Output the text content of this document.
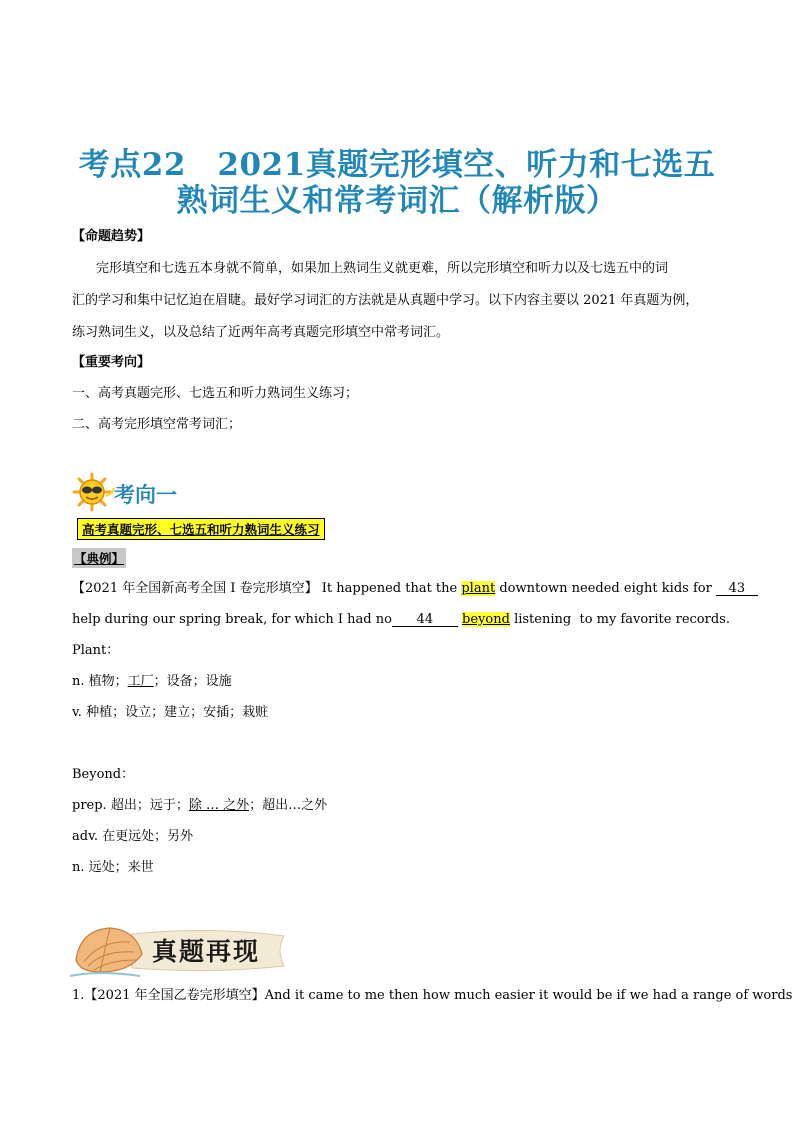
考点22　2021真题完形填空、听力和七选五
熟词生义和常考词汇（解析版）
【命题趋势】
完形填空和七选五本身就不简单，如果加上熟词生义就更难，所以完形填空和听力以及七选五中的词
汇的学习和集中记忆迫在眉睫。最好学习词汇的方法就是从真题中学习。以下内容主要以 2021 年真题为例，
练习熟词生义，以及总结了近两年高考真题完形填空中常考词汇。
【重要考向】
一、高考真题完形、七选五和听力熟词生义练习；
二、高考完形填空常考词汇；
考向一
高考真题完形、七选五和听力熟词生义练习
【典例】
【2021 年全国新高考全国 I 卷完形填空】 It happened that the plant downtown needed eight kids for 43
help during our spring break, for which I had no 44 beyond listening  to my favorite records.
Plant：
n. 植物；工厂；设备；设施
v. 种植；设立；建立；安插；栽赃
Beyond：
prep. 超出；远于；除 … 之外；超出…之外
adv. 在更远处；另外
n. 远处；来世
真题再现
1.【2021 年全国乙卷完形填空】And it came to me then how much easier it would be if we had a range of words
